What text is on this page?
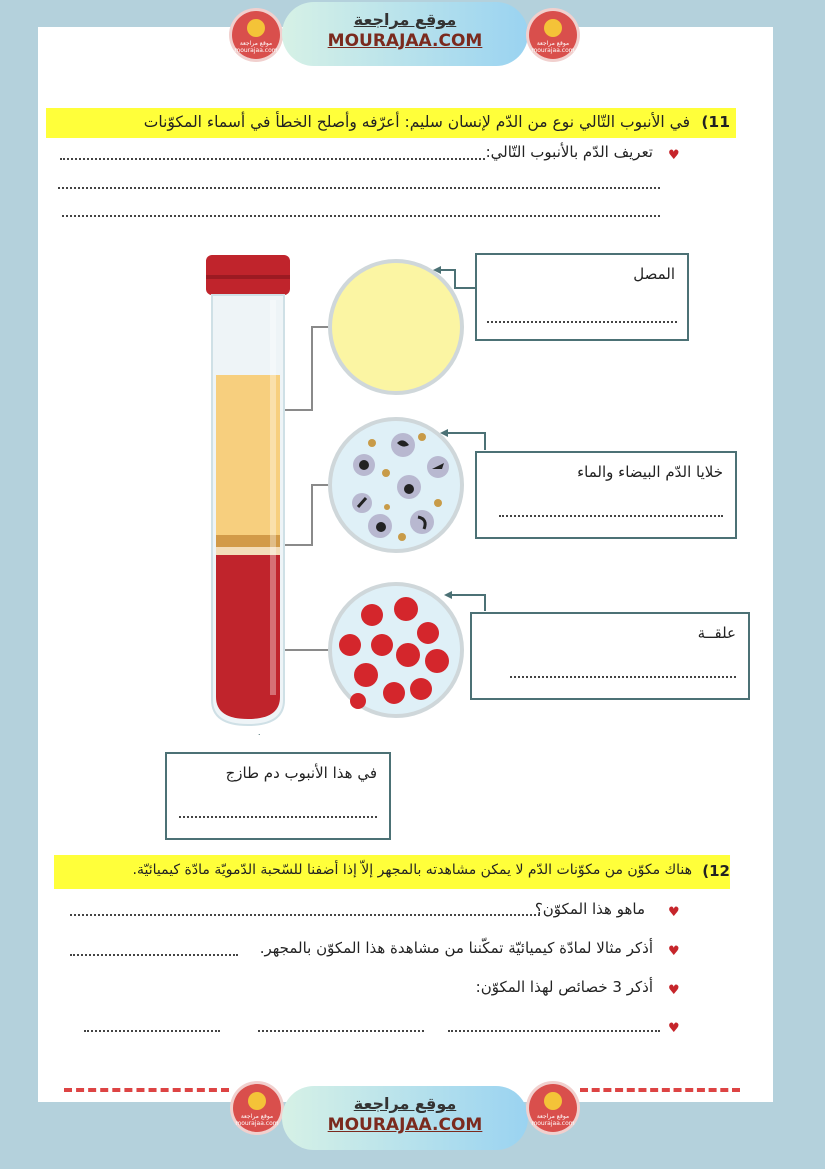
موقع مراجعة mourajaa.com
موقع مراجعة
MOURAJAA.COM	موقع مراجعة mourajaa.com
11)
في الأنبوب التّالي نوع من الدّم لإنسان سليم: أعرّفه وأصلح الخطأ في أسماء المكوّنات
♥
تعريف الدّم بالأنبوب التّالي:
المصل
خلايا الدّم البيضاء والماء
علقــة
في هذا الأنبوب دم طازج
12)
هناك مكوّن من مكوّنات الدّم لا يمكن مشاهدته بالمجهر إلاّ إذا أضفنا للسّحبة الدّمويّة مادّة كيميائيّة.
♥
ماهو هذا المكوّن؟
♥
أذكر مثالا لمادّة كيميائيّة تمكّننا من مشاهدة هذا المكوّن بالمجهر.
♥
أذكر 3 خصائص لهذا المكوّن:
♥
موقع مراجعة mourajaa.com
موقع مراجعة
MOURAJAA.COM	موقع مراجعة mourajaa.com
